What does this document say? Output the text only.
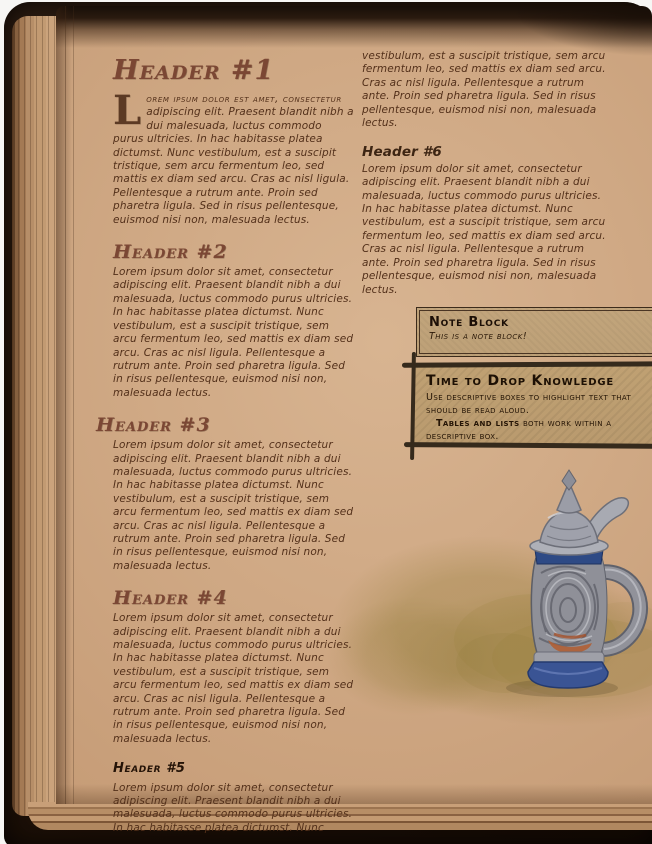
Header #1

Lorem ipsum dolor est amet, consectetur adipiscing elit. Praesent blandit nibh a dui malesuada, luctus commodo purus ultricies. In hac habitasse platea dictumst. Nunc vestibulum, est a suscipit tristique, sem arcu fermentum leo, sed mattis ex diam sed arcu. Cras ac nisl ligula. Pellentesque a rutrum ante. Proin sed pharetra ligula. Sed in risus pellentesque, euismod nisi non, malesuada lectus.

Header #2

Lorem ipsum dolor sit amet, consectetur adipiscing elit. Praesent blandit nibh a dui malesuada, luctus commodo purus ultricies. In hac habitasse platea dictumst. Nunc vestibulum, est a suscipit tristique, sem arcu fermentum leo, sed mattis ex diam sed arcu. Cras ac nisl ligula. Pellentesque a rutrum ante. Proin sed pharetra ligula. Sed in risus pellentesque, euismod nisi non, malesuada lectus.

Header #3

Lorem ipsum dolor sit amet, consectetur adipiscing elit. Praesent blandit nibh a dui malesuada, luctus commodo purus ultricies. In hac habitasse platea dictumst. Nunc vestibulum, est a suscipit tristique, sem arcu fermentum leo, sed mattis ex diam sed arcu. Cras ac nisl ligula. Pellentesque a rutrum ante. Proin sed pharetra ligula. Sed in risus pellentesque, euismod nisi non, malesuada lectus.

Header #4

Lorem ipsum dolor sit amet, consectetur adipiscing elit. Praesent blandit nibh a dui malesuada, luctus commodo purus ultricies. In hac habitasse platea dictumst. Nunc vestibulum, est a suscipit tristique, sem arcu fermentum leo, sed mattis ex diam sed arcu. Cras ac nisl ligula. Pellentesque a rutrum ante. Proin sed pharetra ligula. Sed in risus pellentesque, euismod nisi non, malesuada lectus.

Header #5

Lorem ipsum dolor sit amet, consectetur adipiscing elit. Praesent blandit nibh a dui malesuada, luctus commodo purus ultricies. In hac habitasse platea dictumst. Nunc

vestibulum, est a suscipit tristique, sem arcu fermentum leo, sed mattis ex diam sed arcu. Cras ac nisl ligula. Pellentesque a rutrum ante. Proin sed pharetra ligula. Sed in risus pellentesque, euismod nisi non, malesuada lectus.

Header #6

Lorem ipsum dolor sit amet, consectetur adipiscing elit. Praesent blandit nibh a dui malesuada, luctus commodo purus ultricies. In hac habitasse platea dictumst. Nunc vestibulum, est a suscipit tristique, sem arcu fermentum leo, sed mattis ex diam sed arcu. Cras ac nisl ligula. Pellentesque a rutrum ante. Proin sed pharetra ligula. Sed in risus pellentesque, euismod nisi non, malesuada lectus.

Note Block
This is a note block!
Time to Drop Knowledge
Use descriptive boxes to highlight text that should be read aloud.
Tables and lists both work within a descriptive box.
